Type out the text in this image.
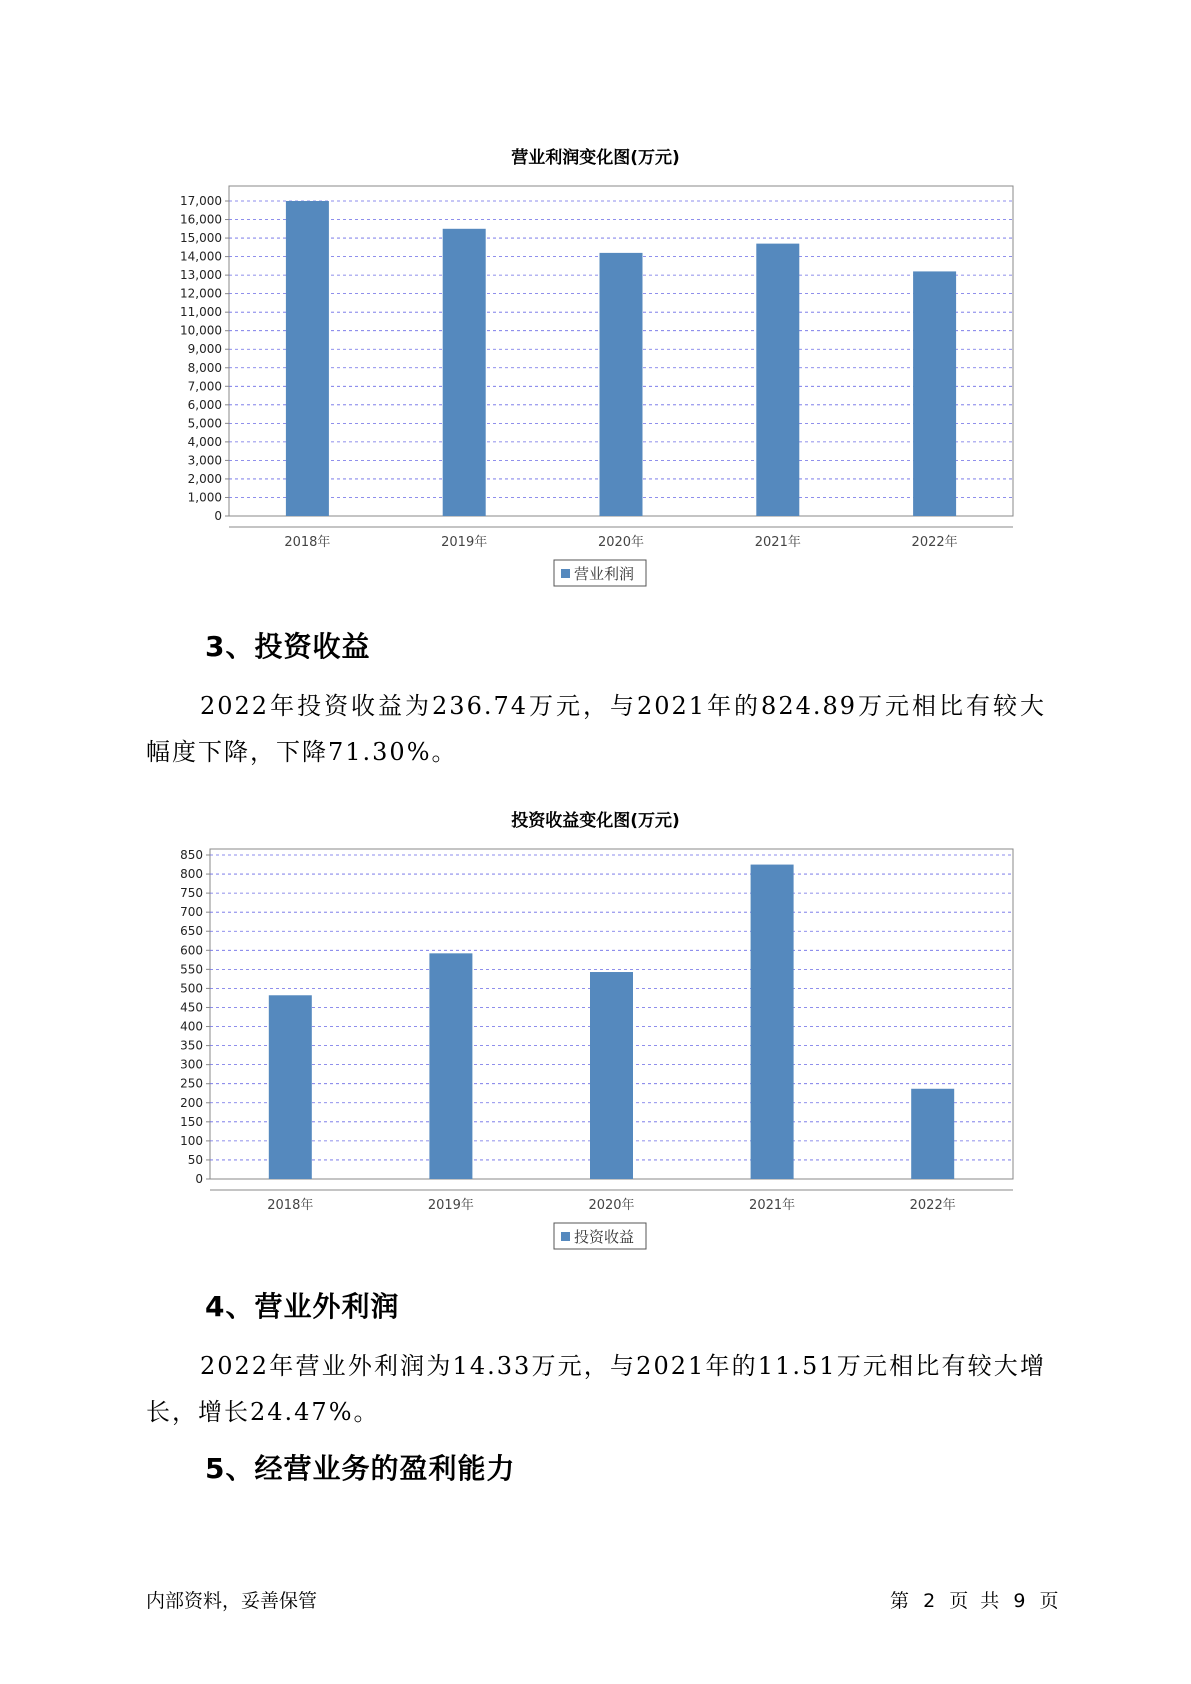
营业利润变化图(万元)
0
1,000
2,000
3,000
4,000
5,000
6,000
7,000
8,000
9,000
10,000
11,000
12,000
13,000
14,000
15,000
16,000
17,000
2018年	2019年	2020年	2021年	2022年
营业利润
3、投资收益
2022年投资收益为236.74万元，与2021年的824.89万元相比有较大幅度下降，下降71.30%。
投资收益变化图(万元)
0
50
100
150
200
250
300
350
400
450
500
550
600
650
700
750
800
850
2018年	2019年	2020年	2021年	2022年
投资收益
4、营业外利润
2022年营业外利润为14.33万元，与2021年的11.51万元相比有较大增长，增长24.47%。
5、经营业务的盈利能力
内部资料，妥善保管	第 2 页  共 9 页
